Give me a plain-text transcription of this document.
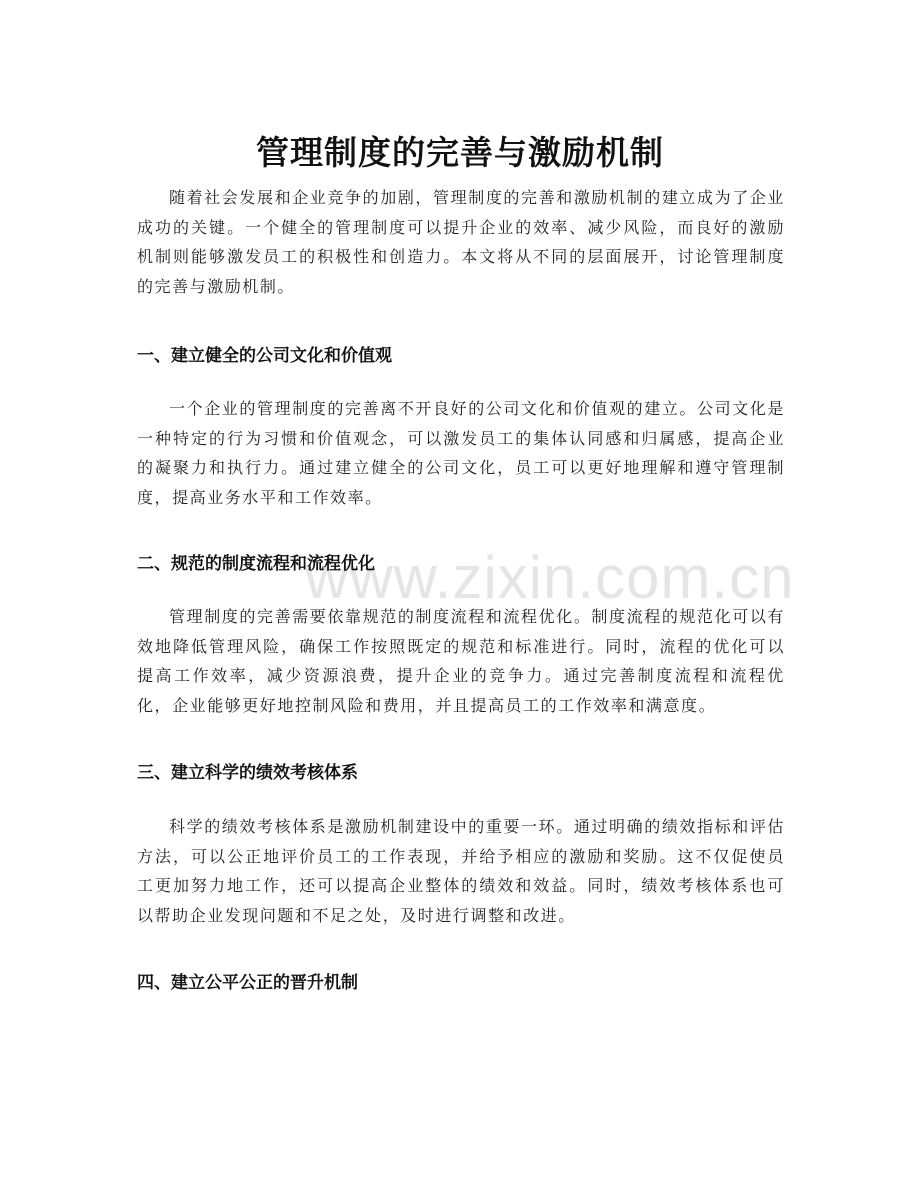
www.zixin.com.cn
管理制度的完善与激励机制

随着社会发展和企业竞争的加剧，管理制度的完善和激励机制的建立成为了企业成功的关键。一个健全的管理制度可以提升企业的效率、减少风险，而良好的激励机制则能够激发员工的积极性和创造力。本文将从不同的层面展开，讨论管理制度的完善与激励机制。

一、建立健全的公司文化和价值观

一个企业的管理制度的完善离不开良好的公司文化和价值观的建立。公司文化是一种特定的行为习惯和价值观念，可以激发员工的集体认同感和归属感，提高企业的凝聚力和执行力。通过建立健全的公司文化，员工可以更好地理解和遵守管理制度，提高业务水平和工作效率。

二、规范的制度流程和流程优化

管理制度的完善需要依靠规范的制度流程和流程优化。制度流程的规范化可以有效地降低管理风险，确保工作按照既定的规范和标准进行。同时，流程的优化可以提高工作效率，减少资源浪费，提升企业的竞争力。通过完善制度流程和流程优化，企业能够更好地控制风险和费用，并且提高员工的工作效率和满意度。

三、建立科学的绩效考核体系

科学的绩效考核体系是激励机制建设中的重要一环。通过明确的绩效指标和评估方法，可以公正地评价员工的工作表现，并给予相应的激励和奖励。这不仅促使员工更加努力地工作，还可以提高企业整体的绩效和效益。同时，绩效考核体系也可以帮助企业发现问题和不足之处，及时进行调整和改进。

四、建立公平公正的晋升机制
